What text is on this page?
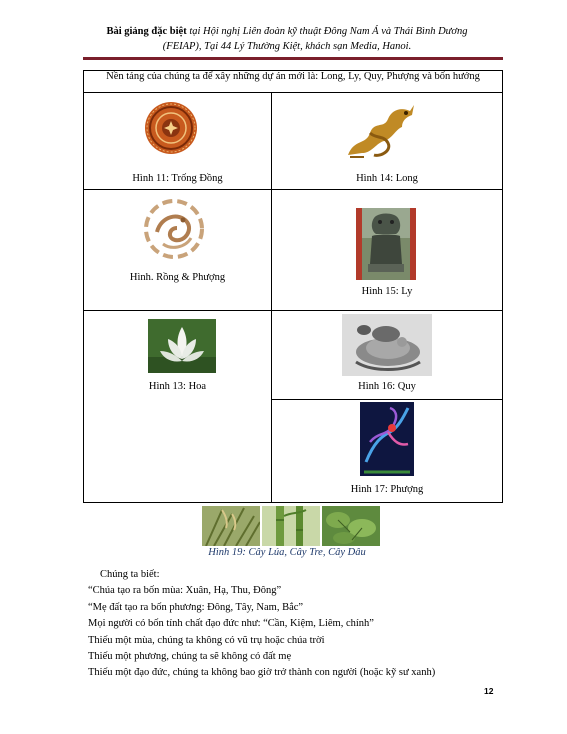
Bài giảng đặc biệt tại Hội nghị Liên đoàn kỹ thuật Đông Nam Á và Thái Bình Dương
(FEIAP), Tại 44 Lý Thường Kiệt, khách sạn Media, Hanoi.
Nền tảng của chúng ta để xây những dự án mới là: Long, Ly, Quy, Phượng và bốn hướng	

Hình 11: Trống Đồng	Hình 14: Long

Hình. Rồng & Phượng	Hình 15: Ly

Hình 13: Hoa	Hình 16: Quy

	Hình 17: Phượng
Hình 19: Cây Lúa, Cây Tre, Cây Dâu

Chúng ta biết:

“Chúa tạo ra bốn mùa: Xuân, Hạ, Thu, Đông”

“Mẹ đất tạo ra bốn phương: Đông, Tây, Nam, Bắc”

Mọi người có bốn tính chất đạo đức như: “Cần, Kiệm, Liêm, chính”

Thiếu một mùa, chúng ta không có vũ trụ hoặc chúa trời

Thiếu một phương, chúng ta sẽ không có đất mẹ

Thiếu một đạo đức, chúng ta không bao giờ trở thành con người (hoặc kỹ sư xanh)

12
